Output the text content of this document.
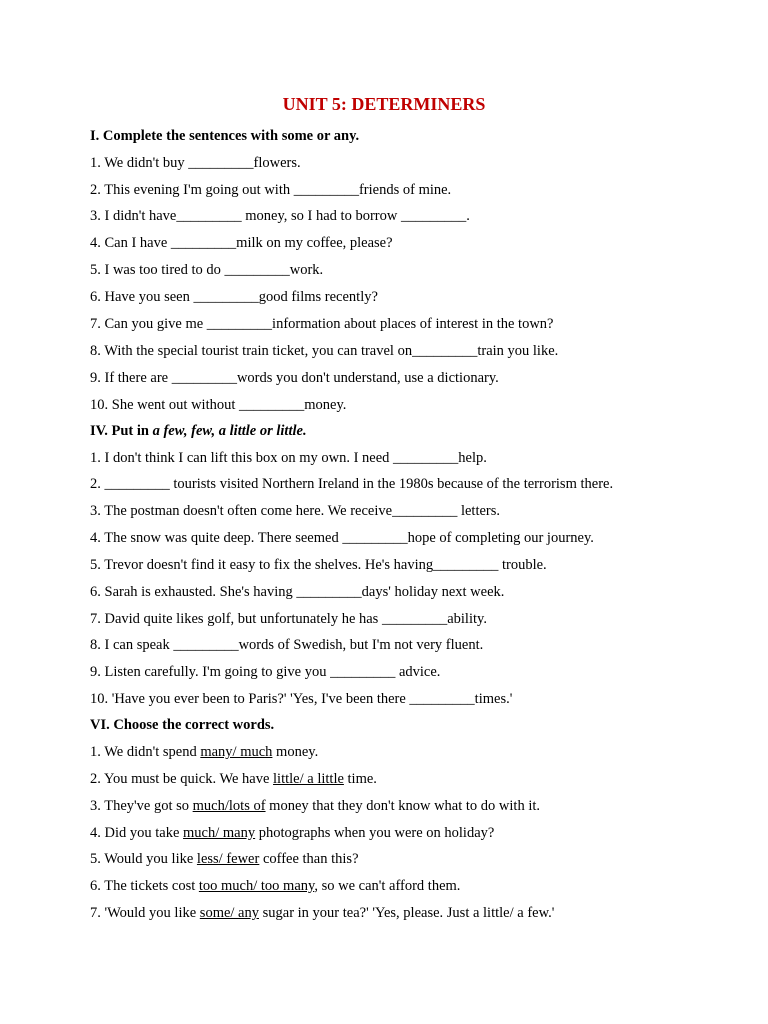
UNIT 5: DETERMINERS
I. Complete the sentences with some or any.
1. We didn't buy _________flowers.
2. This evening I'm going out with _________friends of mine.
3. I didn't have_________ money, so I had to borrow _________.
4. Can I have _________milk on my coffee, please?
5. I was too tired to do _________work.
6. Have you seen _________good films recently?
7. Can you give me _________information about places of interest in the town?
8. With the special tourist train ticket, you can travel on_________train you like.
9. If there are _________words you don't understand, use a dictionary.
10. She went out without _________money.
IV. Put in a few, few, a little or little.
1. I don't think I can lift this box on my own. I need _________help.
2. _________ tourists visited Northern Ireland in the 1980s because of the terrorism there.
3. The postman doesn't often come here. We receive_________ letters.
4. The snow was quite deep. There seemed _________hope of completing our journey.
5. Trevor doesn't find it easy to fix the shelves. He's having_________ trouble.
6. Sarah is exhausted. She's having _________days' holiday next week.
7. David quite likes golf, but unfortunately he has _________ability.
8. I can speak _________words of Swedish, but I'm not very fluent.
9. Listen carefully. I'm going to give you _________ advice.
10. 'Have you ever been to Paris?' 'Yes, I've been there _________times.'
VI. Choose the correct words.
1. We didn't spend many/ much money.
2. You must be quick. We have little/ a little time.
3. They've got so much/lots of money that they don't know what to do with it.
4. Did you take much/ many photographs when you were on holiday?
5. Would you like less/ fewer coffee than this?
6. The tickets cost too much/ too many, so we can't afford them.
7. 'Would you like some/ any sugar in your tea?' 'Yes, please. Just a little/ a few.'
